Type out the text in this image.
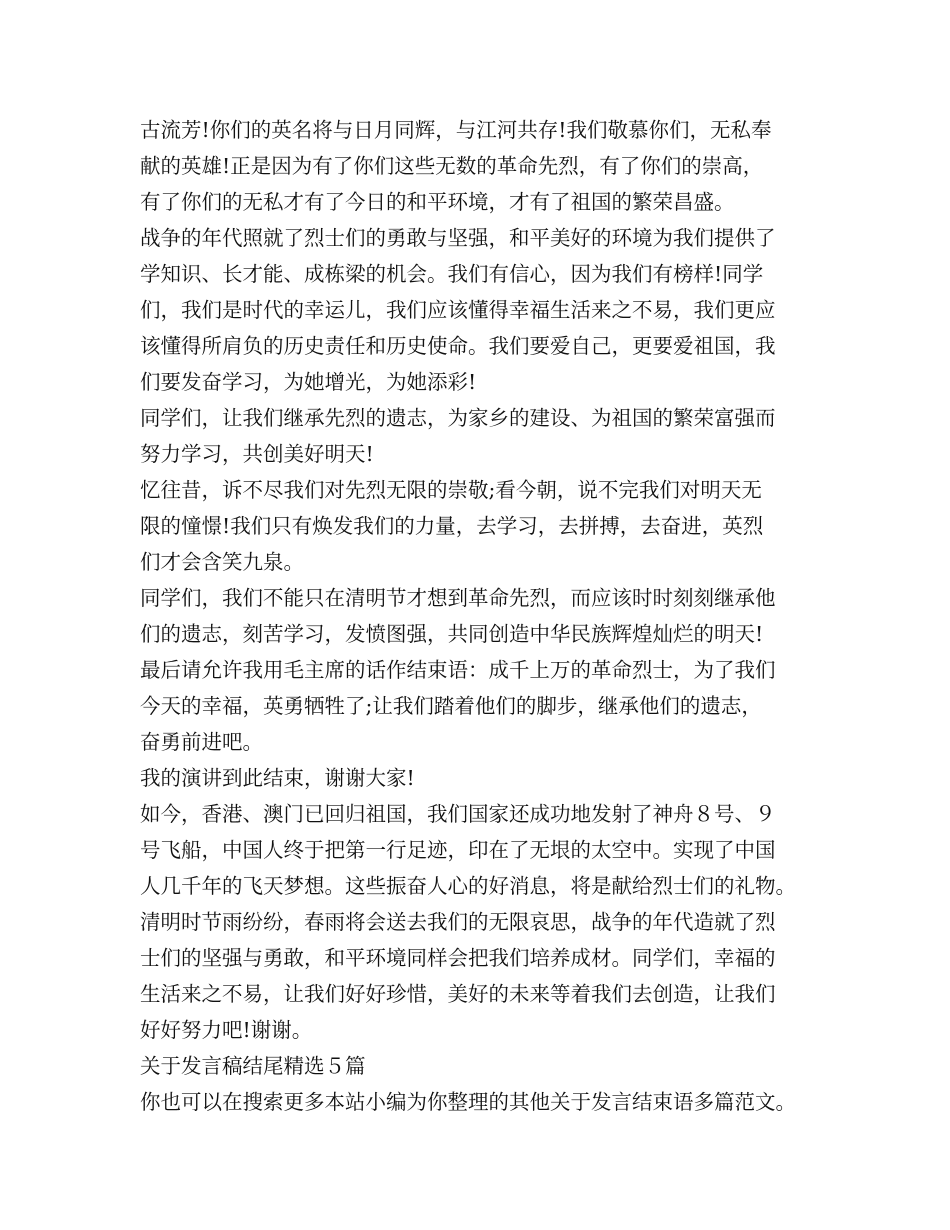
古流芳!你们的英名将与日月同辉，与江河共存!我们敬慕你们，无私奉
献的英雄!正是因为有了你们这些无数的革命先烈，有了你们的崇高，
有了你们的无私才有了今日的和平环境，才有了祖国的繁荣昌盛。
战争的年代照就了烈士们的勇敢与坚强，和平美好的环境为我们提供了
学知识、长才能、成栋梁的机会。我们有信心，因为我们有榜样!同学
们，我们是时代的幸运儿，我们应该懂得幸福生活来之不易，我们更应
该懂得所肩负的历史责任和历史使命。我们要爱自己，更要爱祖国，我
们要发奋学习，为她增光，为她添彩!
同学们，让我们继承先烈的遗志，为家乡的建设、为祖国的繁荣富强而
努力学习，共创美好明天!
忆往昔，诉不尽我们对先烈无限的崇敬;看今朝，说不完我们对明天无
限的憧憬!我们只有焕发我们的力量，去学习，去拼搏，去奋进，英烈
们才会含笑九泉。
同学们，我们不能只在清明节才想到革命先烈，而应该时时刻刻继承他
们的遗志，刻苦学习，发愤图强，共同创造中华民族辉煌灿烂的明天!
最后请允许我用毛主席的话作结束语：成千上万的革命烈士，为了我们
今天的幸福，英勇牺牲了;让我们踏着他们的脚步，继承他们的遗志，
奋勇前进吧。
我的演讲到此结束，谢谢大家!
如今，香港、澳门已回归祖国，我们国家还成功地发射了神舟８号、９
号飞船，中国人终于把第一行足迹，印在了无垠的太空中。实现了中国
人几千年的飞天梦想。这些振奋人心的好消息，将是献给烈士们的礼物。
清明时节雨纷纷，春雨将会送去我们的无限哀思，战争的年代造就了烈
士们的坚强与勇敢，和平环境同样会把我们培养成材。同学们，幸福的
生活来之不易，让我们好好珍惜，美好的未来等着我们去创造，让我们
好好努力吧!谢谢。
关于发言稿结尾精选５篇
你也可以在搜索更多本站小编为你整理的其他关于发言结束语多篇范文。
